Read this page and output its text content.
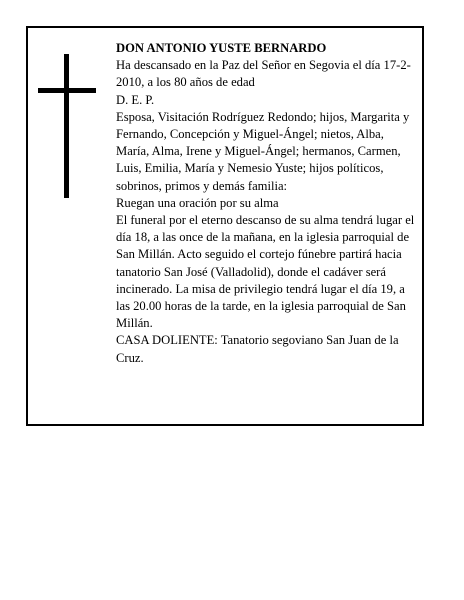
DON ANTONIO YUSTE BERNARDO

Ha descansado en la Paz del Señor en Segovia el día 17-2-2010, a los 80 años de edad

D. E. P.

Esposa, Visitación Rodríguez Redondo; hijos, Margarita y Fernando, Concepción y Miguel-Ángel; nietos, Alba, María, Alma, Irene y Miguel-Ángel; hermanos, Carmen, Luis, Emilia, María y Nemesio Yuste; hijos políticos, sobrinos, primos y demás familia:

Ruegan una oración por su alma

El funeral por el eterno descanso de su alma tendrá lugar el día 18, a las once de la mañana, en la iglesia parroquial de San Millán. Acto seguido el cortejo fúnebre partirá hacia tanatorio San José (Valladolid), donde el cadáver será incinerado. La misa de privilegio tendrá lugar el día 19, a las 20.00 horas de la tarde, en la iglesia parroquial de San Millán.

CASA DOLIENTE: Tanatorio segoviano San Juan de la Cruz.
